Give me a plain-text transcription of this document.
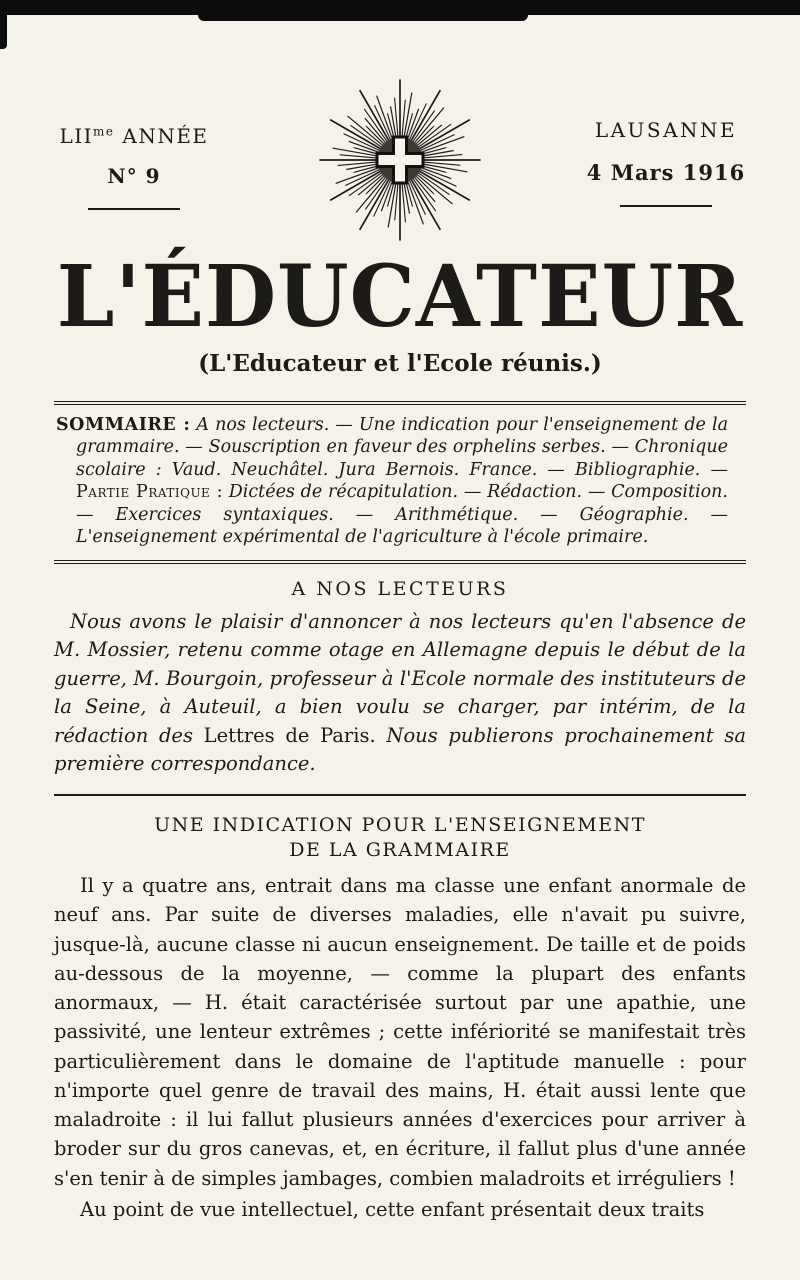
$LII^{me}$ ANNÉE
N° 9
LAUSANNE
4 Mars 1916
L'ÉDUCATEUR
(L'Educateur et l'Ecole réunis.)

SOMMAIRE : A nos lecteurs. — Une indication pour l'enseignement de la grammaire. — Souscription en faveur des orphelins serbes. — Chronique scolaire : Vaud. Neuchâtel. Jura Bernois. France. — Bibliographie. — Partie Pratique : Dictées de récapitulation. — Rédaction. — Composition. — Exercices syntaxiques. — Arithmétique. — Géographie. — L'enseignement expérimental de l'agriculture à l'école primaire.

A NOS LECTEURS

Nous avons le plaisir d'annoncer à nos lecteurs qu'en l'absence de M. Mossier, retenu comme otage en Allemagne depuis le début de la guerre, M. Bourgoin, professeur à l'Ecole normale des instituteurs de la Seine, à Auteuil, a bien voulu se charger, par intérim, de la rédaction des Lettres de Paris. Nous publierons prochainement sa première correspondance.

UNE INDICATION POUR L'ENSEIGNEMENT
DE LA GRAMMAIRE

Il y a quatre ans, entrait dans ma classe une enfant anormale de neuf ans. Par suite de diverses maladies, elle n'avait pu suivre, jusque-là, aucune classe ni aucun enseignement. De taille et de poids au-dessous de la moyenne, — comme la plupart des enfants anormaux, — H. était caractérisée surtout par une apathie, une passivité, une lenteur extrêmes ; cette infériorité se manifestait très particulièrement dans le domaine de l'aptitude manuelle : pour n'importe quel genre de travail des mains, H. était aussi lente que maladroite : il lui fallut plusieurs années d'exercices pour arriver à broder sur du gros canevas, et, en écriture, il fallut plus d'une année s'en tenir à de simples jambages, combien maladroits et irréguliers !

Au point de vue intellectuel, cette enfant présentait deux traits
